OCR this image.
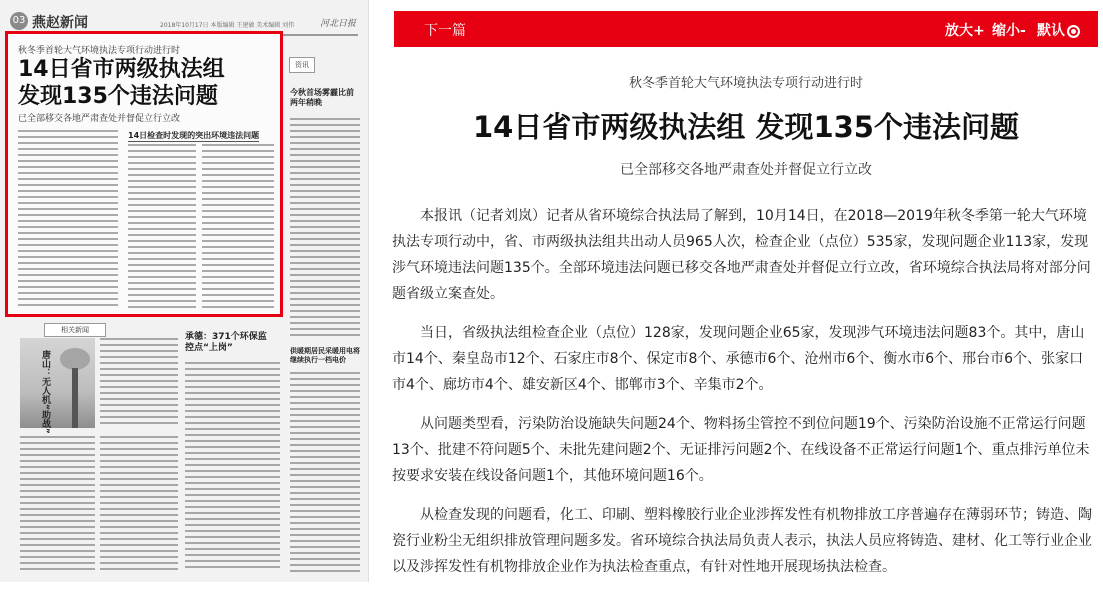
03 燕赵新闻	2018年10月17日 本版编辑 王建敏 美术编辑 刘伟	河北日报
秋冬季首轮大气环境执法专项行动进行时
14日省市两级执法组
发现135个违法问题
已全部移交各地严肃查处并督促立行立改
14日检查时发现的突出环境违法问题
资讯
今秋首场雾霾比前两年稍晚
供暖期居民采暖用电将继续执行一档电价
相关新闻
唐山：无人机“助战”
承德：371个环保监控点“上岗”
下一篇	放大+ 缩小- 默认
秋冬季首轮大气环境执法专项行动进行时
14日省市两级执法组 发现135个违法问题
已全部移交各地严肃查处并督促立行立改

本报讯（记者刘岚）记者从省环境综合执法局了解到，10月14日，在2018—2019年秋冬季第一轮大气环境执法专项行动中，省、市两级执法组共出动人员965人次，检查企业（点位）535家，发现问题企业113家，发现涉气环境违法问题135个。全部环境违法问题已移交各地严肃查处并督促立行立改，省环境综合执法局将对部分问题省级立案查处。

当日，省级执法组检查企业（点位）128家，发现问题企业65家，发现涉气环境违法问题83个。其中，唐山市14个、秦皇岛市12个、石家庄市8个、保定市8个、承德市6个、沧州市6个、衡水市6个、邢台市6个、张家口市4个、廊坊市4个、雄安新区4个、邯郸市3个、辛集市2个。

从问题类型看，污染防治设施缺失问题24个、物料扬尘管控不到位问题19个、污染防治设施不正常运行问题13个、批建不符问题5个、未批先建问题2个、无证排污问题2个、在线设备不正常运行问题1个、重点排污单位未按要求安装在线设备问题1个，其他环境问题16个。

从检查发现的问题看，化工、印刷、塑料橡胶行业企业涉挥发性有机物排放工序普遍存在薄弱环节；铸造、陶瓷行业粉尘无组织排放管理问题多发。省环境综合执法局负责人表示，执法人员应将铸造、建材、化工等行业企业以及涉挥发性有机物排放企业作为执法检查重点，有针对性地开展现场执法检查。
